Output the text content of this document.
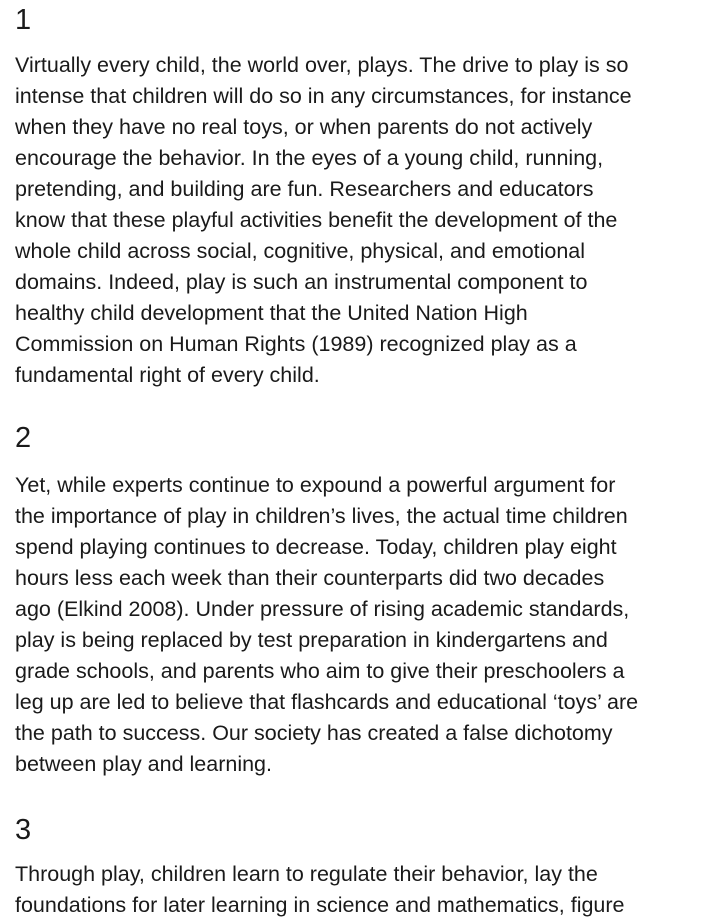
1

Virtually every child, the world over, plays. The drive to play is so
intense that children will do so in any circumstances, for instance
when they have no real toys, or when parents do not actively
encourage the behavior. In the eyes of a young child, running,
pretending, and building are fun. Researchers and educators
know that these playful activities benefit the development of the
whole child across social, cognitive, physical, and emotional
domains. Indeed, play is such an instrumental component to
healthy child development that the United Nation High
Commission on Human Rights (1989) recognized play as a
fundamental right of every child.

2

Yet, while experts continue to expound a powerful argument for
the importance of play in children’s lives, the actual time children
spend playing continues to decrease. Today, children play eight
hours less each week than their counterparts did two decades
ago (Elkind 2008). Under pressure of rising academic standards,
play is being replaced by test preparation in kindergartens and
grade schools, and parents who aim to give their preschoolers a
leg up are led to believe that flashcards and educational ‘toys’ are
the path to success. Our society has created a false dichotomy
between play and learning.

3

Through play, children learn to regulate their behavior, lay the
foundations for later learning in science and mathematics, figure
